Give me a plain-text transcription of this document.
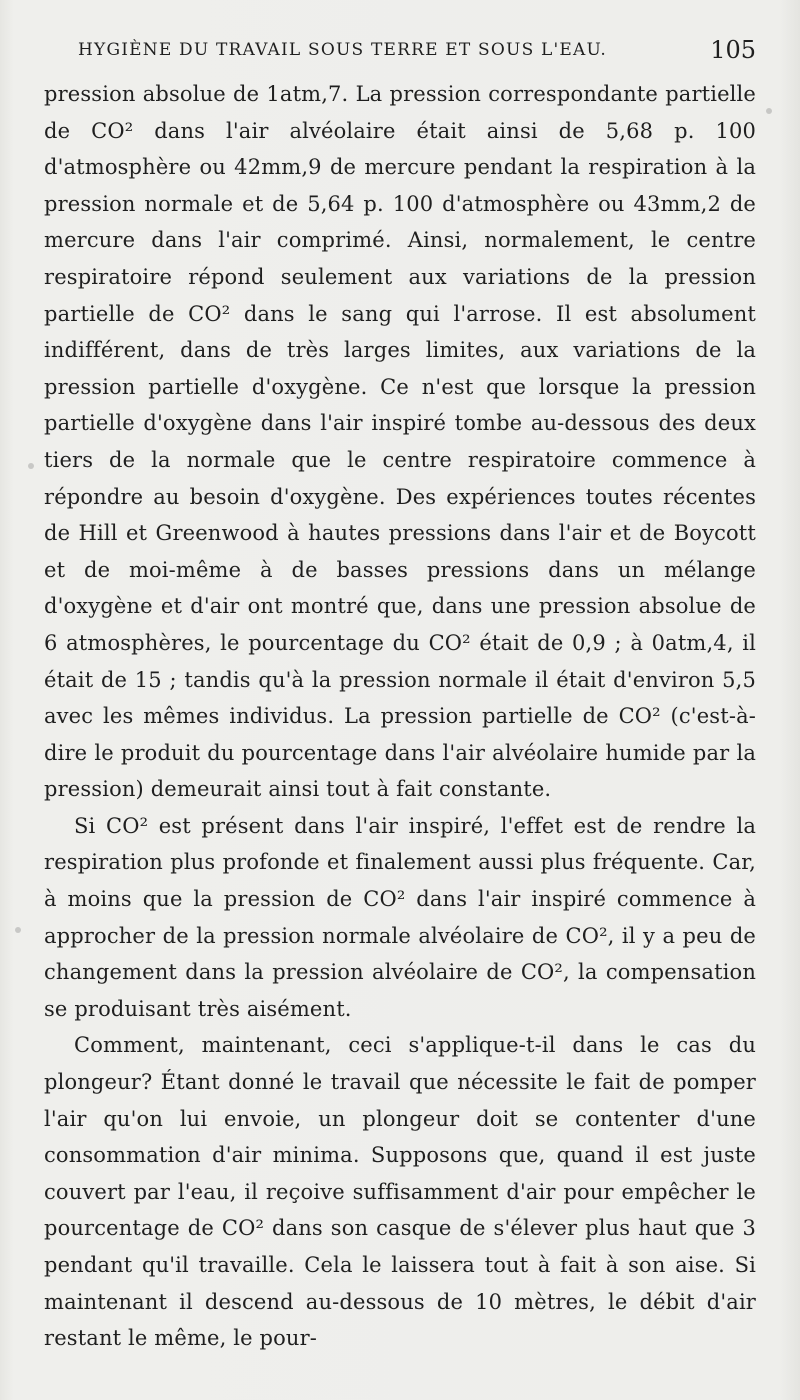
HYGIÈNE DU TRAVAIL SOUS TERRE ET SOUS L'EAU.	105

pression absolue de 1atm,7. La pression correspondante partielle de CO² dans l'air alvéolaire était ainsi de 5,68 p. 100 d'atmosphère ou 42mm,9 de mercure pendant la respiration à la pression normale et de 5,64 p. 100 d'atmosphère ou 43mm,2 de mercure dans l'air comprimé. Ainsi, normalement, le centre respiratoire répond seulement aux variations de la pression partielle de CO² dans le sang qui l'arrose. Il est absolument indifférent, dans de très larges limites, aux variations de la pression partielle d'oxygène. Ce n'est que lorsque la pression partielle d'oxygène dans l'air inspiré tombe au-dessous des deux tiers de la normale que le centre respiratoire commence à répondre au besoin d'oxygène. Des expériences toutes récentes de Hill et Greenwood à hautes pressions dans l'air et de Boycott et de moi-même à de basses pressions dans un mélange d'oxygène et d'air ont montré que, dans une pression absolue de 6 atmosphères, le pourcentage du CO² était de 0,9 ; à 0atm,4, il était de 15 ; tandis qu'à la pression normale il était d'environ 5,5 avec les mêmes individus. La pression partielle de CO² (c'est-à-dire le produit du pourcentage dans l'air alvéolaire humide par la pression) demeurait ainsi tout à fait constante.

Si CO² est présent dans l'air inspiré, l'effet est de rendre la respiration plus profonde et finalement aussi plus fréquente. Car, à moins que la pression de CO² dans l'air inspiré commence à approcher de la pression normale alvéolaire de CO², il y a peu de changement dans la pression alvéolaire de CO², la compensation se produisant très aisément.

Comment, maintenant, ceci s'applique-t-il dans le cas du plongeur? Étant donné le travail que nécessite le fait de pomper l'air qu'on lui envoie, un plongeur doit se contenter d'une consommation d'air minima. Supposons que, quand il est juste couvert par l'eau, il reçoive suffisamment d'air pour empêcher le pourcentage de CO² dans son casque de s'élever plus haut que 3 pendant qu'il travaille. Cela le laissera tout à fait à son aise. Si maintenant il descend au-dessous de 10 mètres, le débit d'air restant le même, le pour-
